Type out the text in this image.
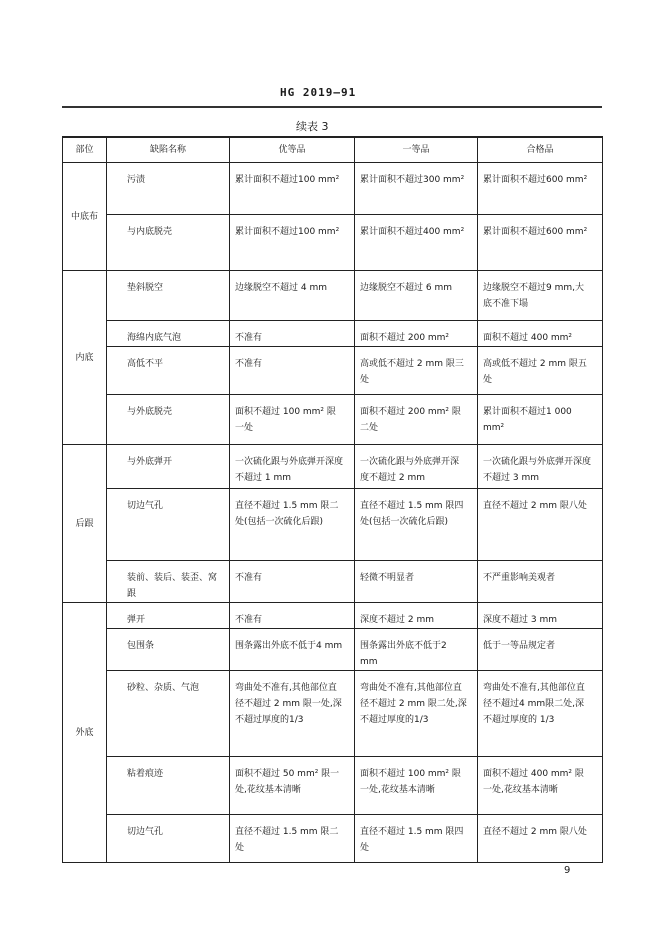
HG 2019—91
续表 3
部位	缺陷名称	优等品	一等品	合格品

中底布	污渍	累计面积不超过100 mm²	累计面积不超过300 mm²	累计面积不超过600 mm²
	与内底脱壳	累计面积不超过100 mm²	累计面积不超过400 mm²	累计面积不超过600 mm²

内底	垫斜脱空	边缘脱空不超过 4 mm	边缘脱空不超过 6 mm	边缘脱空不超过9 mm,大底不准下塌
	海绵内底气泡	不准有	面积不超过 200 mm²	面积不超过 400 mm²
	高低不平	不准有	高或低不超过 2 mm 限三处	高或低不超过 2 mm 限五处
	与外底脱壳	面积不超过 100 mm² 限一处	面积不超过 200 mm² 限二处	累计面积不超过1 000 mm²

后跟	与外底弹开	一次硫化跟与外底弹开深度不超过 1 mm	一次硫化跟与外底弹开深度不超过 2 mm	一次硫化跟与外底弹开深度不超过 3 mm
	切边气孔	直径不超过 1.5 mm 限二处(包括一次硫化后跟)	直径不超过 1.5 mm 限四处(包括一次硫化后跟)	直径不超过 2 mm 限八处
	装前、装后、装歪、窝跟	不准有	轻微不明显者	不严重影响美观者

外底	弹开	不准有	深度不超过 2 mm	深度不超过 3 mm
	包围条	围条露出外底不低于4 mm	围条露出外底不低于2 mm	低于一等品规定者
	砂粒、杂质、气泡	弯曲处不准有,其他部位直径不超过 2 mm 限一处,深不超过厚度的1/3	弯曲处不准有,其他部位直径不超过 2 mm 限二处,深不超过厚度的1/3	弯曲处不准有,其他部位直径不超过4 mm限二处,深不超过厚度的 1/3
	粘着痕迹	面积不超过 50 mm² 限一处,花纹基本清晰	面积不超过 100 mm² 限一处,花纹基本清晰	面积不超过 400 mm² 限一处,花纹基本清晰
	切边气孔	直径不超过 1.5 mm 限二处	直径不超过 1.5 mm 限四处	直径不超过 2 mm 限八处
9
